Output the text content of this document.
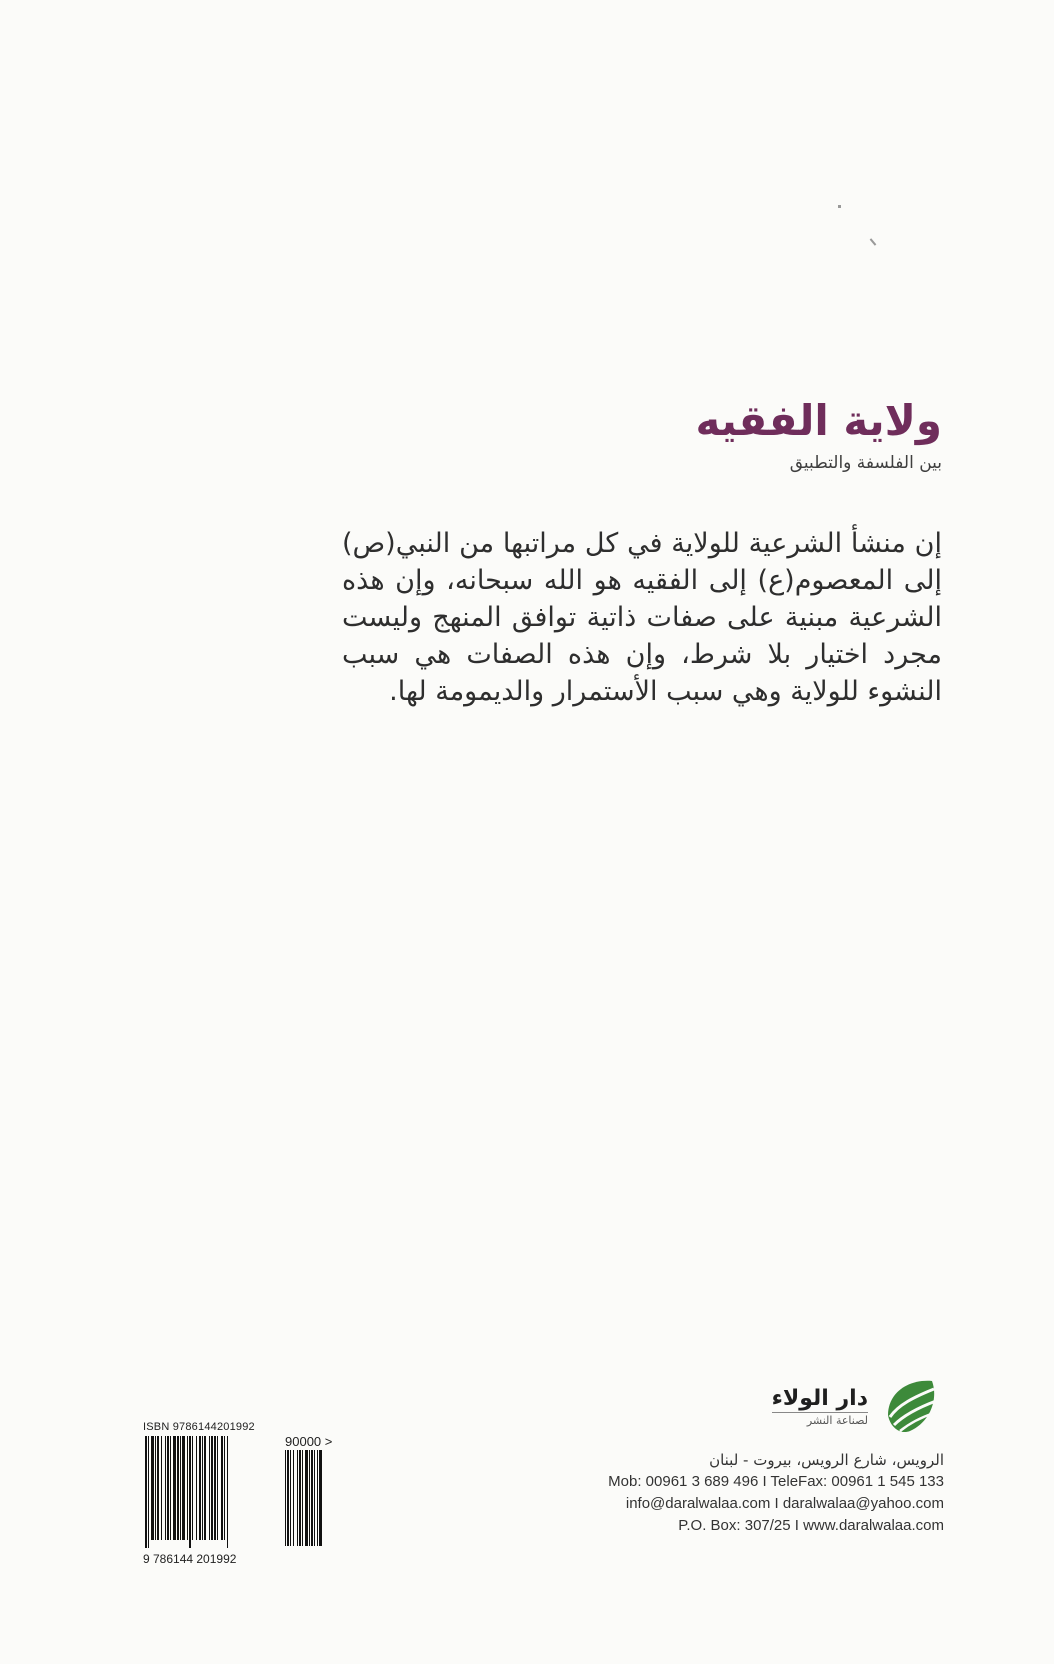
ولاية الفقيه
بين الفلسفة والتطبيق
إن منشأ الشرعية للولاية في كل مراتبها من النبي(ص) إلى المعصوم(ع) إلى الفقيه هو الله سبحانه، وإن هذه الشرعية مبنية على صفات ذاتية توافق المنهج وليست مجرد اختيار بلا شرط، وإن هذه الصفات هي سبب النشوء للولاية وهي سبب الأستمرار والديمومة لها.
ISBN 9786144201992
90000 >
9 786144 201992
دار الولاء
لصناعة النشر
الرويس، شارع الرويس، بيروت - لبنان
Mob: 00961 3 689 496 I TeleFax: 00961 1 545 133
info@daralwalaa.com I daralwalaa@yahoo.com
P.O. Box: 307/25 I www.daralwalaa.com
